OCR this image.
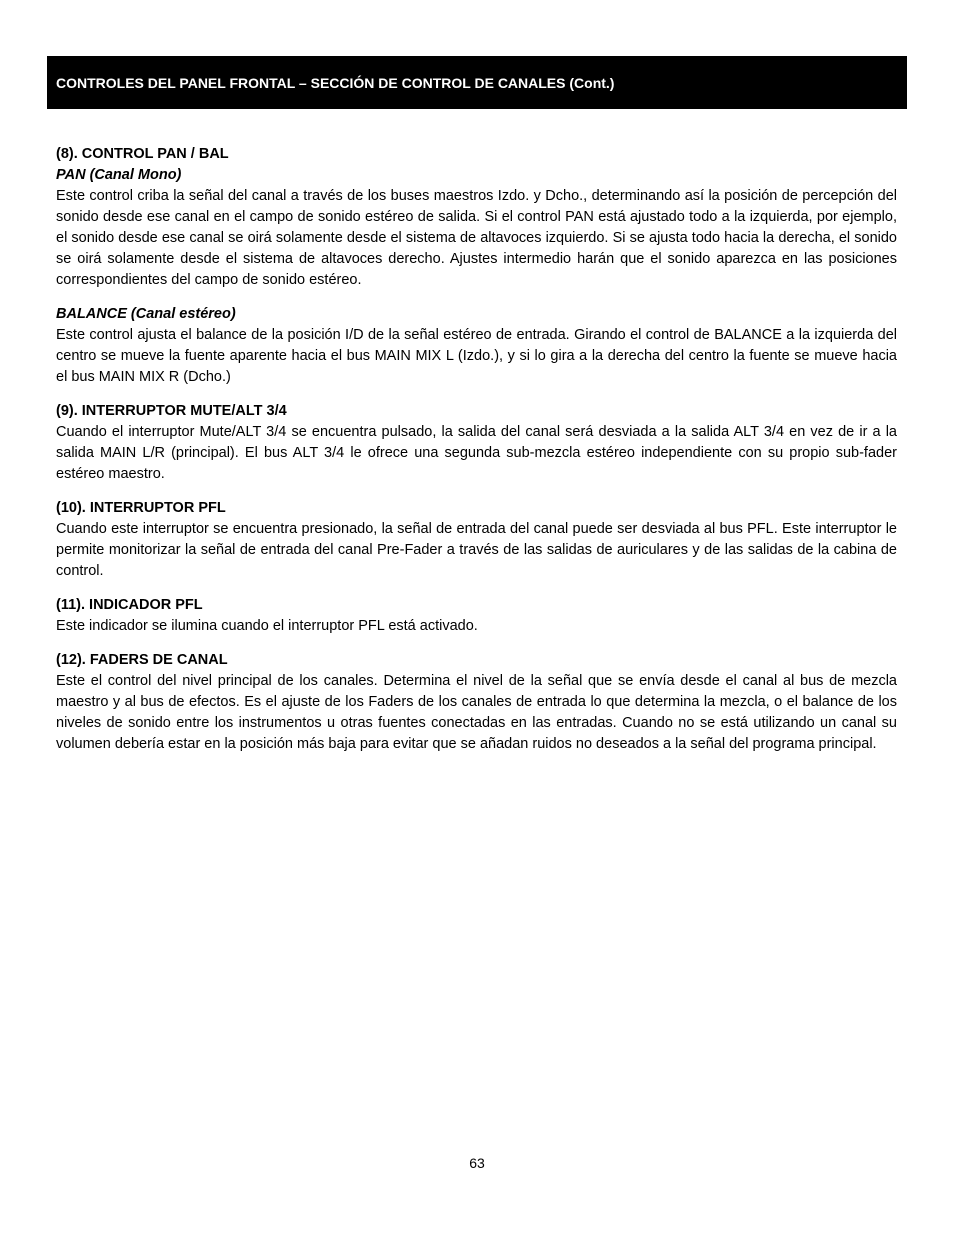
CONTROLES DEL PANEL FRONTAL – SECCIÓN DE CONTROL DE CANALES (Cont.)
(8). CONTROL PAN / BAL
PAN (Canal Mono)

Este control criba la señal del canal a través de los buses maestros Izdo. y Dcho., determinando así la posición de percepción del sonido desde ese canal en el campo de sonido estéreo de salida. Si el control PAN está ajustado todo a la izquierda, por ejemplo, el sonido desde ese canal se oirá solamente desde el sistema de altavoces izquierdo. Si se ajusta todo hacia la derecha, el sonido se oirá solamente desde el sistema de altavoces derecho. Ajustes intermedio harán que el sonido aparezca en las posiciones correspondientes del campo de sonido estéreo.

BALANCE (Canal estéreo)

Este control ajusta el balance de la posición I/D de la señal estéreo de entrada. Girando el control de BALANCE a la izquierda del centro se mueve la fuente aparente hacia el bus MAIN MIX L (Izdo.), y si lo gira a la derecha del centro la fuente se mueve hacia el bus MAIN MIX R (Dcho.)

(9). INTERRUPTOR MUTE/ALT 3/4

Cuando el interruptor Mute/ALT 3/4 se encuentra pulsado, la salida del canal será desviada a la salida ALT 3/4 en vez de ir a la salida MAIN L/R (principal). El bus ALT 3/4 le ofrece una segunda sub-mezcla estéreo independiente con su propio sub-fader estéreo maestro.

(10). INTERRUPTOR PFL

Cuando este interruptor se encuentra presionado, la señal de entrada del canal puede ser desviada al bus PFL. Este interruptor le permite monitorizar la señal de entrada del canal Pre-Fader a través de las salidas de auriculares y de las salidas de la cabina de control.

(11). INDICADOR PFL

Este indicador se ilumina cuando el interruptor PFL está activado.

(12). FADERS DE CANAL

Este el control del nivel principal de los canales. Determina el nivel de la señal que se envía desde el canal al bus de mezcla maestro y al bus de efectos. Es el ajuste de los Faders de los canales de entrada lo que determina la mezcla, o el balance de los niveles de sonido entre los instrumentos u otras fuentes conectadas en las entradas. Cuando no se está utilizando un canal su volumen debería estar en la posición más baja para evitar que se añadan ruidos no deseados a la señal del programa principal.

63
